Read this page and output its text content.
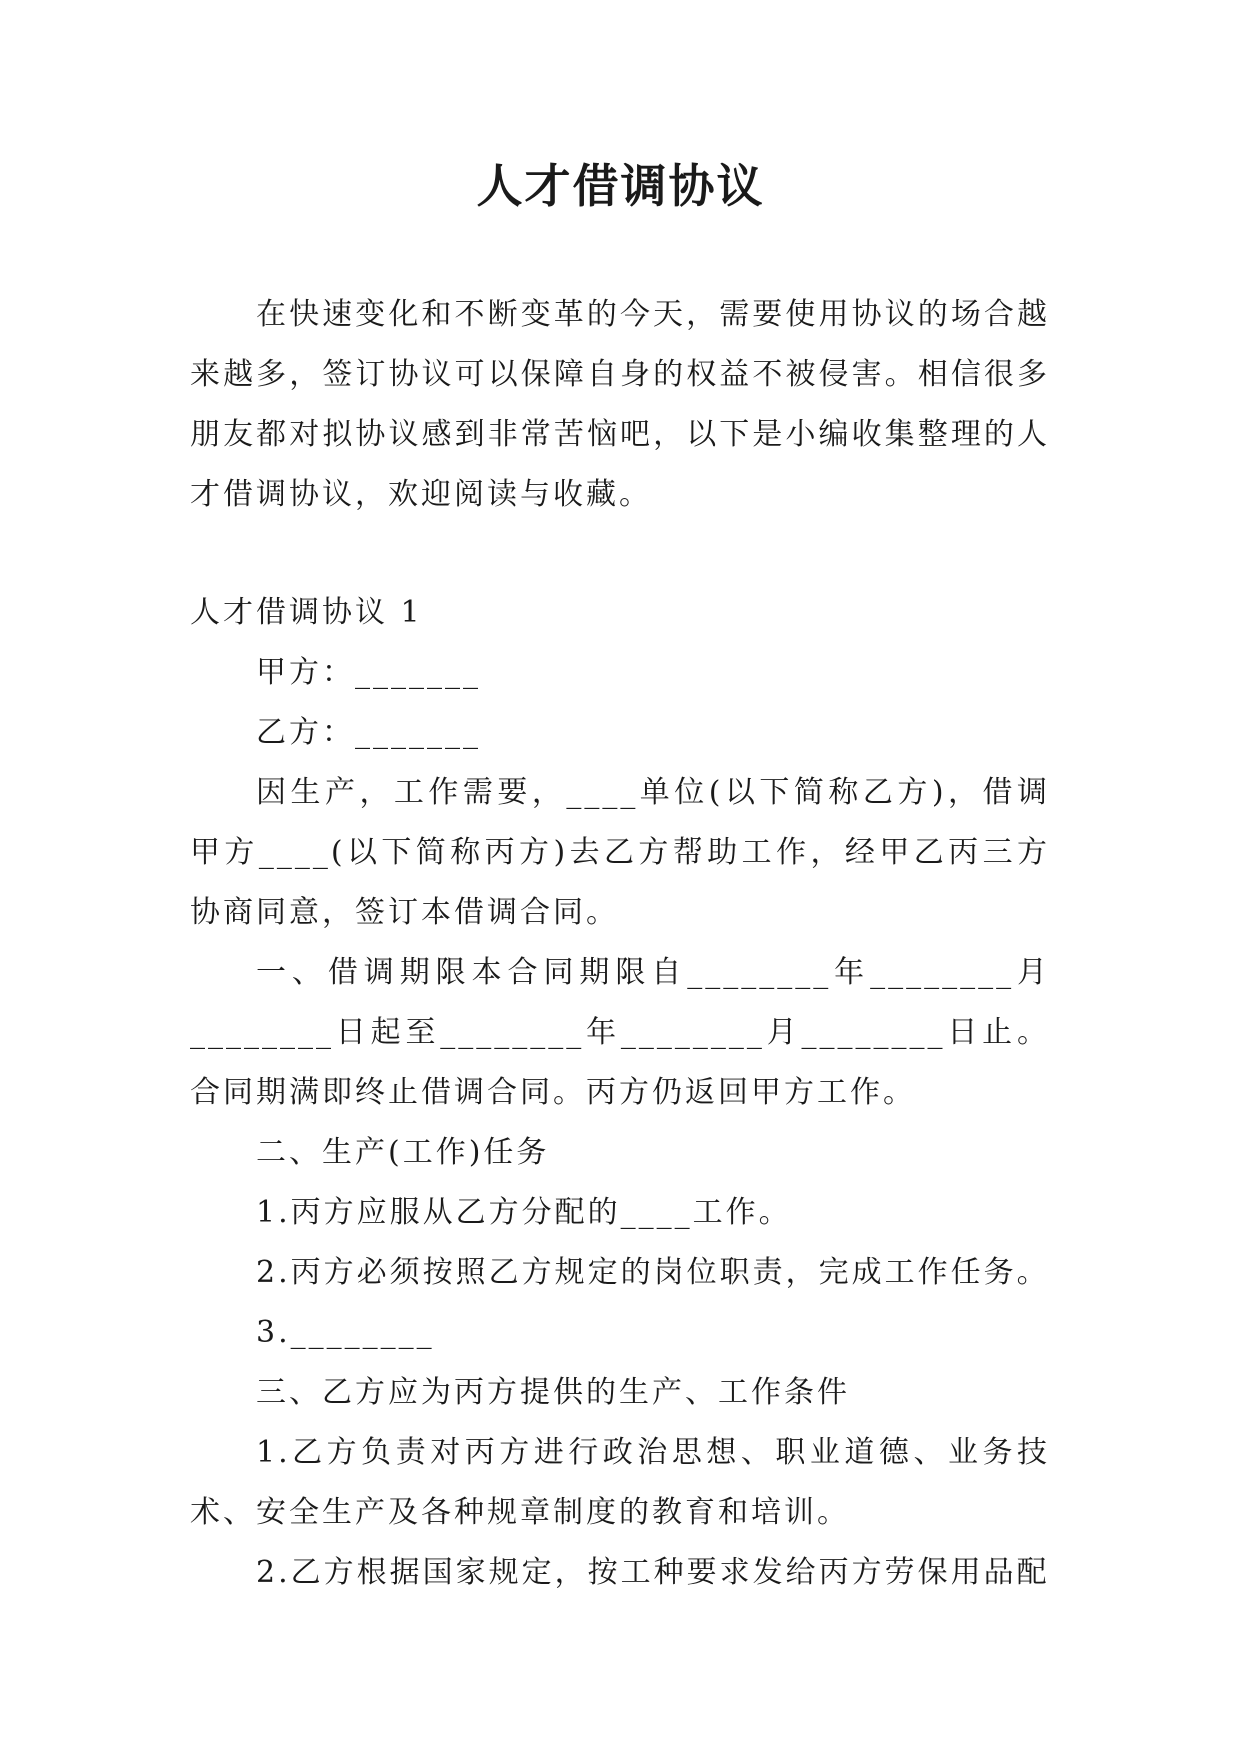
人才借调协议

在快速变化和不断变革的今天，需要使用协议的场合越来越多，签订协议可以保障自身的权益不被侵害。相信很多朋友都对拟协议感到非常苦恼吧，以下是小编收集整理的人才借调协议，欢迎阅读与收藏。

人才借调协议 1

甲方：_______

乙方：_______

因生产，工作需要，____单位(以下简称乙方)，借调甲方____(以下简称丙方)去乙方帮助工作，经甲乙丙三方协商同意，签订本借调合同。

一、借调期限本合同期限自________年________月________日起至________年________月________日止。合同期满即终止借调合同。丙方仍返回甲方工作。

二、生产(工作)任务

1.丙方应服从乙方分配的____工作。

2.丙方必须按照乙方规定的岗位职责，完成工作任务。

3.________

三、乙方应为丙方提供的生产、工作条件

1.乙方负责对丙方进行政治思想、职业道德、业务技术、安全生产及各种规章制度的教育和培训。

2.乙方根据国家规定，按工种要求发给丙方劳保用品配
